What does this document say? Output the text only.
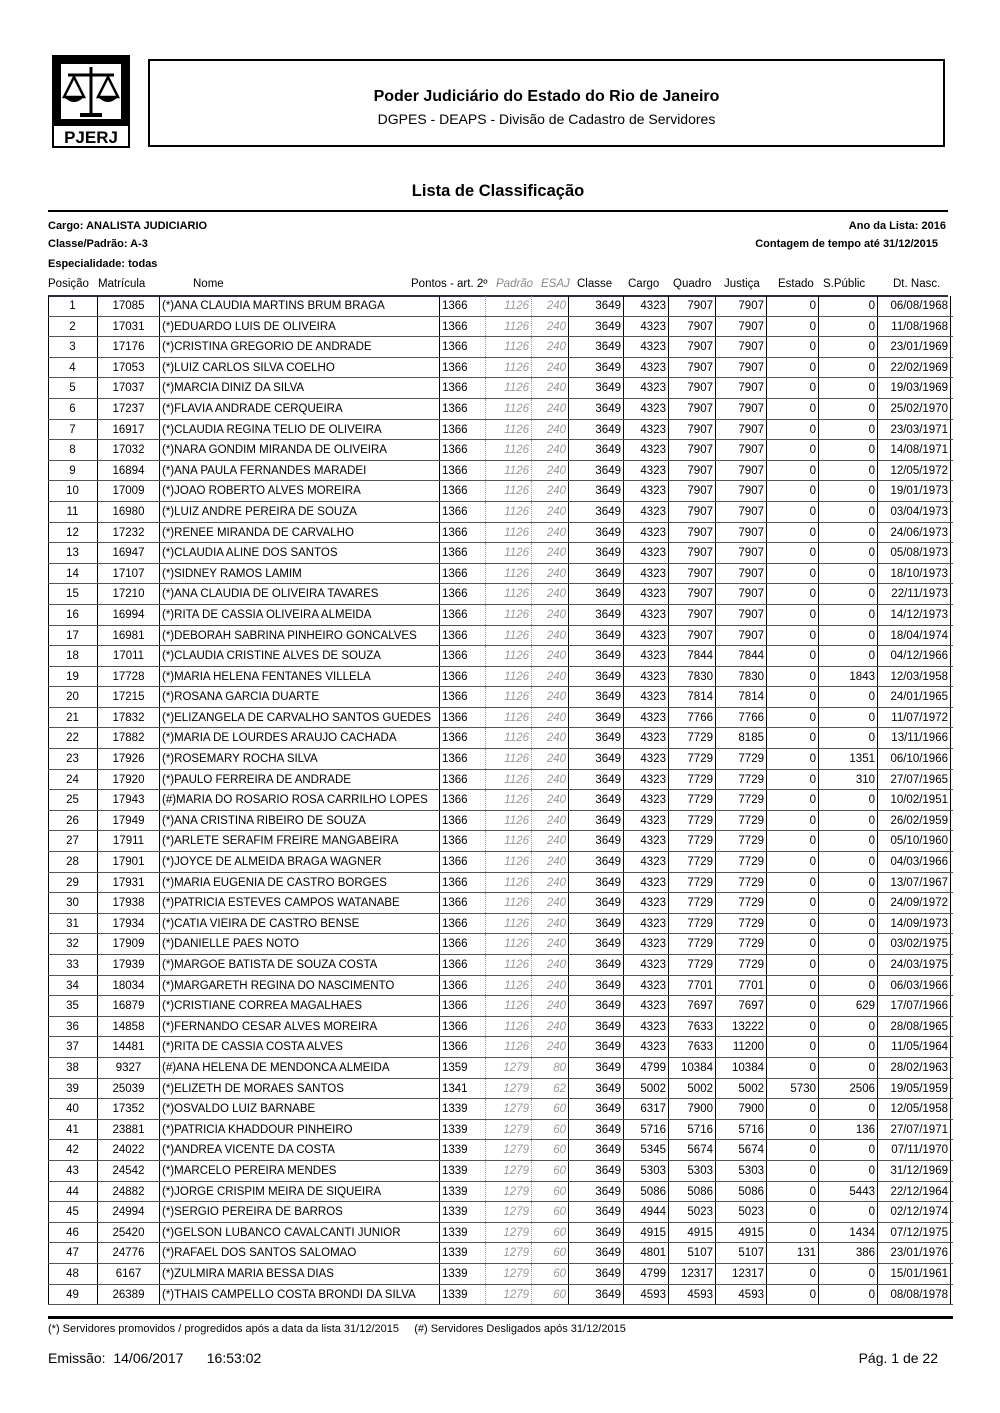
PJERJ
Poder Judiciário do Estado do Rio de Janeiro
DGPES - DEAPS - Divisão de Cadastro de Servidores
Lista de Classificação
Cargo: ANALISTA JUDICIARIO
Classe/Padrão: A-3
Especialidade: todas
Ano da Lista: 2016
Contagem de tempo até 31/12/2015
Posição Matrícula	Nome	Pontos - art. 2º Padrão ESAJ Classe Cargo Quadro Justiça Estado S.Públic Dt. Nasc.
1	17085	(*)ANA CLAUDIA MARTINS BRUM BRAGA	1366	1126	240	3649	4323	7907	7907	0	0	06/08/1968
2	17031	(*)EDUARDO LUIS DE OLIVEIRA	1366	1126	240	3649	4323	7907	7907	0	0	11/08/1968
3	17176	(*)CRISTINA GREGORIO DE ANDRADE	1366	1126	240	3649	4323	7907	7907	0	0	23/01/1969
4	17053	(*)LUIZ CARLOS SILVA COELHO	1366	1126	240	3649	4323	7907	7907	0	0	22/02/1969
5	17037	(*)MARCIA DINIZ DA SILVA	1366	1126	240	3649	4323	7907	7907	0	0	19/03/1969
6	17237	(*)FLAVIA ANDRADE CERQUEIRA	1366	1126	240	3649	4323	7907	7907	0	0	25/02/1970
7	16917	(*)CLAUDIA REGINA TELIO DE OLIVEIRA	1366	1126	240	3649	4323	7907	7907	0	0	23/03/1971
8	17032	(*)NARA GONDIM MIRANDA DE OLIVEIRA	1366	1126	240	3649	4323	7907	7907	0	0	14/08/1971
9	16894	(*)ANA PAULA FERNANDES MARADEI	1366	1126	240	3649	4323	7907	7907	0	0	12/05/1972
10	17009	(*)JOAO ROBERTO ALVES MOREIRA	1366	1126	240	3649	4323	7907	7907	0	0	19/01/1973
11	16980	(*)LUIZ ANDRE PEREIRA DE SOUZA	1366	1126	240	3649	4323	7907	7907	0	0	03/04/1973
12	17232	(*)RENEE MIRANDA DE CARVALHO	1366	1126	240	3649	4323	7907	7907	0	0	24/06/1973
13	16947	(*)CLAUDIA ALINE DOS SANTOS	1366	1126	240	3649	4323	7907	7907	0	0	05/08/1973
14	17107	(*)SIDNEY RAMOS LAMIM	1366	1126	240	3649	4323	7907	7907	0	0	18/10/1973
15	17210	(*)ANA CLAUDIA DE OLIVEIRA TAVARES	1366	1126	240	3649	4323	7907	7907	0	0	22/11/1973
16	16994	(*)RITA DE CASSIA OLIVEIRA ALMEIDA	1366	1126	240	3649	4323	7907	7907	0	0	14/12/1973
17	16981	(*)DEBORAH SABRINA PINHEIRO GONCALVES	1366	1126	240	3649	4323	7907	7907	0	0	18/04/1974
18	17011	(*)CLAUDIA CRISTINE ALVES DE SOUZA	1366	1126	240	3649	4323	7844	7844	0	0	04/12/1966
19	17728	(*)MARIA HELENA FENTANES VILLELA	1366	1126	240	3649	4323	7830	7830	0	1843	12/03/1958
20	17215	(*)ROSANA GARCIA DUARTE	1366	1126	240	3649	4323	7814	7814	0	0	24/01/1965
21	17832	(*)ELIZANGELA DE CARVALHO SANTOS GUEDES 1366	1126	240	3649	4323	7766	7766	0	0	11/07/1972
22	17882	(*)MARIA DE LOURDES ARAUJO CACHADA	1366	1126	240	3649	4323	7729	8185	0	0	13/11/1966
23	17926	(*)ROSEMARY ROCHA SILVA	1366	1126	240	3649	4323	7729	7729	0	1351	06/10/1966
24	17920	(*)PAULO FERREIRA DE ANDRADE	1366	1126	240	3649	4323	7729	7729	0	310	27/07/1965
25	17943	(#)MARIA DO ROSARIO ROSA CARRILHO LOPES	1366	1126	240	3649	4323	7729	7729	0	0	10/02/1951
26	17949	(*)ANA CRISTINA RIBEIRO DE SOUZA	1366	1126	240	3649	4323	7729	7729	0	0	26/02/1959
27	17911	(*)ARLETE SERAFIM FREIRE MANGABEIRA	1366	1126	240	3649	4323	7729	7729	0	0	05/10/1960
28	17901	(*)JOYCE DE ALMEIDA BRAGA WAGNER	1366	1126	240	3649	4323	7729	7729	0	0	04/03/1966
29	17931	(*)MARIA EUGENIA DE CASTRO BORGES	1366	1126	240	3649	4323	7729	7729	0	0	13/07/1967
30	17938	(*)PATRICIA ESTEVES CAMPOS WATANABE	1366	1126	240	3649	4323	7729	7729	0	0	24/09/1972
31	17934	(*)CATIA VIEIRA DE CASTRO BENSE	1366	1126	240	3649	4323	7729	7729	0	0	14/09/1973
32	17909	(*)DANIELLE PAES NOTO	1366	1126	240	3649	4323	7729	7729	0	0	03/02/1975
33	17939	(*)MARGOE BATISTA DE SOUZA COSTA	1366	1126	240	3649	4323	7729	7729	0	0	24/03/1975
34	18034	(*)MARGARETH REGINA DO NASCIMENTO	1366	1126	240	3649	4323	7701	7701	0	0	06/03/1966
35	16879	(*)CRISTIANE CORREA MAGALHAES	1366	1126	240	3649	4323	7697	7697	0	629	17/07/1966
36	14858	(*)FERNANDO CESAR ALVES MOREIRA	1366	1126	240	3649	4323	7633	13222	0	0	28/08/1965
37	14481	(*)RITA DE CASSIA COSTA ALVES	1366	1126	240	3649	4323	7633	11200	0	0	11/05/1964
38	9327	(#)ANA HELENA DE MENDONCA ALMEIDA	1359	1279	80	3649	4799	10384	10384	0	0	28/02/1963
39	25039	(*)ELIZETH DE MORAES SANTOS	1341	1279	62	3649	5002	5002	5002	5730	2506	19/05/1959
40	17352	(*)OSVALDO LUIZ BARNABE	1339	1279	60	3649	6317	7900	7900	0	0	12/05/1958
41	23881	(*)PATRICIA KHADDOUR PINHEIRO	1339	1279	60	3649	5716	5716	5716	0	136	27/07/1971
42	24022	(*)ANDREA VICENTE DA COSTA	1339	1279	60	3649	5345	5674	5674	0	0	07/11/1970
43	24542	(*)MARCELO PEREIRA MENDES	1339	1279	60	3649	5303	5303	5303	0	0	31/12/1969
44	24882	(*)JORGE CRISPIM MEIRA DE SIQUEIRA	1339	1279	60	3649	5086	5086	5086	0	5443	22/12/1964
45	24994	(*)SERGIO PEREIRA DE BARROS	1339	1279	60	3649	4944	5023	5023	0	0	02/12/1974
46	25420	(*)GELSON LUBANCO CAVALCANTI JUNIOR	1339	1279	60	3649	4915	4915	4915	0	1434	07/12/1975
47	24776	(*)RAFAEL DOS SANTOS SALOMAO	1339	1279	60	3649	4801	5107	5107	131	386	23/01/1976
48	6167	(*)ZULMIRA MARIA BESSA DIAS	1339	1279	60	3649	4799	12317	12317	0	0	15/01/1961
49	26389	(*)THAIS CAMPELLO COSTA BRONDI DA SILVA	1339	1279	60	3649	4593	4593	4593	0	0	08/08/1978
(*) Servidores promovidos / progredidos após a data da lista 31/12/2015     (#) Servidores Desligados após 31/12/2015
Emissão:  14/06/2017      16:53:02	Pág. 1 de 22
